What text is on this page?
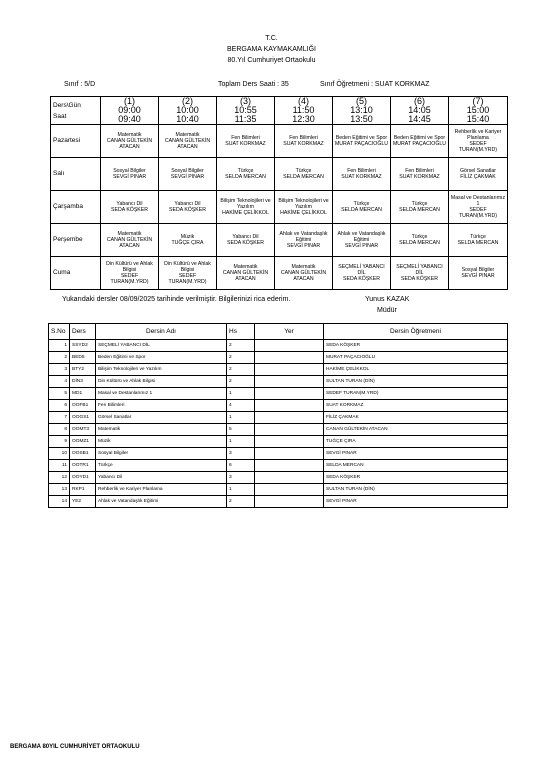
T.C.
BERGAMA KAYMAKAMLIĞI
80.Yıl Cumhuriyet Ortaokulu
Sınıf : 5/D	Toplam Ders Saati : 35	Sınıf Öğretmeni : SUAT KORKMAZ
Ders\Gün
Saat	(1)
09:00
09:40	(2)
10:00
10:40	(3)
10:55
11:35	(4)
11:50
12:30	(5)
13:10
13:50	(6)
14:05
14:45	(7)
15:00
15:40

Pazartesi	Matematik
CANAN GÜLTEKİN ATACAN	Matematik
CANAN GÜLTEKİN ATACAN	Fen Bilimleri
SUAT KORKMAZ	Fen Bilimleri
SUAT KORKMAZ	Beden Eğitimi ve Spor
MURAT PAÇACIOĞLU	Beden Eğitimi ve Spor
MURAT PAÇACIOĞLU	Rehberlik ve Kariyer Planlama
SEDEF TURAN(M.YRD)

Salı	Sosyal Bilgiler
SEVGİ PINAR	Sosyal Bilgiler
SEVGİ PINAR	Türkçe
SELDA MERCAN	Türkçe
SELDA MERCAN	Fen Bilimleri
SUAT KORKMAZ	Fen Bilimleri
SUAT KORKMAZ	Görsel Sanatlar
FİLİZ ÇAKMAK

Çarşamba	Yabancı Dil
SEDA KÖŞKER	Yabancı Dil
SEDA KÖŞKER	Bilişim Teknolojileri ve Yazılım
HAKİME ÇELİKKOL	Bilişim Teknolojileri ve Yazılım
HAKİME ÇELİKKOL	Türkçe
SELDA MERCAN	Türkçe
SELDA MERCAN	Masal ve Destanlarımız 1
SEDEF TURAN(M.YRD)

Perşembe	Matematik
CANAN GÜLTEKİN ATACAN	Müzik
TUĞÇE ÇIRA	Yabancı Dil
SEDA KÖŞKER	Ahlak ve Vatandaşlık Eğitimi
SEVGİ PINAR	Ahlak ve Vatandaşlık Eğitimi
SEVGİ PINAR	Türkçe
SELDA MERCAN	Türkçe
SELDA MERCAN

Cuma	Din Kültürü ve Ahlak Bilgisi
SEDEF TURAN(M.YRD)	Din Kültürü ve Ahlak Bilgisi
SEDEF TURAN(M.YRD)	Matematik
CANAN GÜLTEKİN ATACAN	Matematik
CANAN GÜLTEKİN ATACAN	SEÇMELİ YABANCI DİL
SEDA KÖŞKER	SEÇMELİ YABANCI DİL
SEDA KÖŞKER	Sosyal Bilgiler
SEVGİ PINAR
Yukarıdaki dersler 08/09/2025 tarihinde verilmiştir. Bilgilerinizi rica ederim.	Yunus KAZAK
Müdür
S.No	Ders	Dersin Adı	Hs	Yer	Dersin Öğretmeni
1	SSYD2	SEÇMELİ YABANCI DİL	2		SEDA KÖŞKER
2	BED5	Beden Eğitimi ve Spor	2		MURAT PAÇACIOĞLU
3	BTY2	Bilişim Teknolojileri ve Yazılım	2		HAKİME ÇELİKKOL
4	DİN3	Din Kültürü ve Ahlak Bilgisi	2		SULTAN TURAN (DİN)
5	MD1	Masal ve Destanlarımız 1	1		SEDEF TURAN(M.YRD)
6	OOFB1	Fen Bilimleri	4		SUAT KORKMAZ
7	OOGS1	Görsel Sanatlar	1		FİLİZ ÇAKMAK
8	OOMT3	Matematik	5		CANAN GÜLTEKİN ATACAN
9	OOMZ1	Müzik	1		TUĞÇE ÇIRA
10	OOSB1	Sosyal Bilgiler	3		SEVGİ PINAR
11	OOTR1	Türkçe	6		SELDA MERCAN
12	OOYD1	Yabancı Dil	3		SEDA KÖŞKER
13	RKP1	Rehberlik ve Kariyer Planlama	1		SULTAN TURAN (DİN)
14	YE2	Ahlak ve Vatandaşlık Eğitimi	2		SEVGİ PINAR
BERGAMA 80YIL CUMHURİYET ORTAOKULU
